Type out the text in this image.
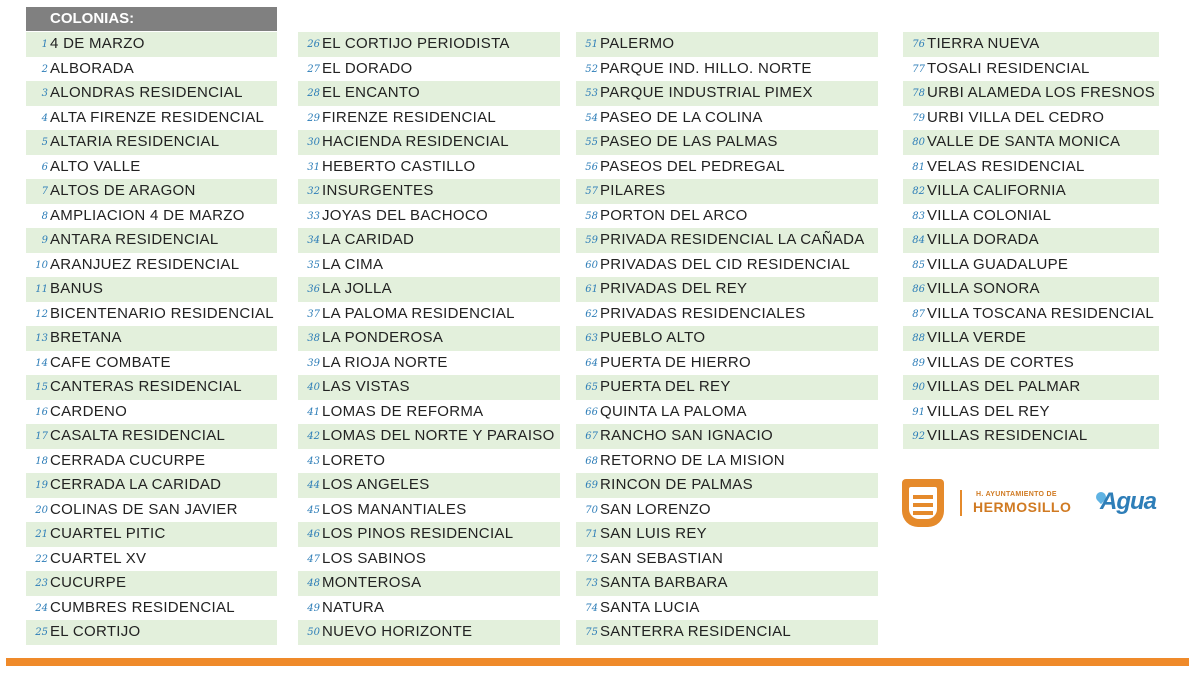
COLONIAS:
1 4 DE MARZO
2 ALBORADA
3 ALONDRAS RESIDENCIAL
4 ALTA FIRENZE RESIDENCIAL
5 ALTARIA RESIDENCIAL
6 ALTO VALLE
7 ALTOS DE ARAGON
8 AMPLIACION 4 DE MARZO
9 ANTARA RESIDENCIAL
10 ARANJUEZ RESIDENCIAL
11 BANUS
12 BICENTENARIO RESIDENCIAL
13 BRETANA
14 CAFE COMBATE
15 CANTERAS RESIDENCIAL
16 CARDENO
17 CASALTA RESIDENCIAL
18 CERRADA CUCURPE
19 CERRADA LA CARIDAD
20 COLINAS DE SAN JAVIER
21 CUARTEL PITIC
22 CUARTEL XV
23 CUCURPE
24 CUMBRES RESIDENCIAL
25 EL CORTIJO
26 EL CORTIJO PERIODISTA
27 EL DORADO
28 EL ENCANTO
29 FIRENZE RESIDENCIAL
30 HACIENDA RESIDENCIAL
31 HEBERTO CASTILLO
32 INSURGENTES
33 JOYAS DEL BACHOCO
34 LA CARIDAD
35 LA CIMA
36 LA JOLLA
37 LA PALOMA RESIDENCIAL
38 LA PONDEROSA
39 LA RIOJA NORTE
40 LAS VISTAS
41 LOMAS DE REFORMA
42 LOMAS DEL NORTE Y PARAISO
43 LORETO
44 LOS ANGELES
45 LOS MANANTIALES
46 LOS PINOS RESIDENCIAL
47 LOS SABINOS
48 MONTEROSA
49 NATURA
50 NUEVO HORIZONTE
51 PALERMO
52 PARQUE IND. HILLO. NORTE
53 PARQUE INDUSTRIAL PIMEX
54 PASEO DE LA COLINA
55 PASEO DE LAS PALMAS
56 PASEOS DEL PEDREGAL
57 PILARES
58 PORTON DEL ARCO
59 PRIVADA RESIDENCIAL LA CAÑADA
60 PRIVADAS DEL CID RESIDENCIAL
61 PRIVADAS DEL REY
62 PRIVADAS RESIDENCIALES
63 PUEBLO ALTO
64 PUERTA DE HIERRO
65 PUERTA DEL REY
66 QUINTA LA PALOMA
67 RANCHO SAN IGNACIO
68 RETORNO DE LA MISION
69 RINCON DE PALMAS
70 SAN LORENZO
71 SAN LUIS REY
72 SAN SEBASTIAN
73 SANTA BARBARA
74 SANTA LUCIA
75 SANTERRA RESIDENCIAL
76 TIERRA NUEVA
77 TOSALI RESIDENCIAL
78 URBI ALAMEDA LOS FRESNOS
79 URBI VILLA DEL CEDRO
80 VALLE DE SANTA MONICA
81 VELAS RESIDENCIAL
82 VILLA CALIFORNIA
83 VILLA COLONIAL
84 VILLA DORADA
85 VILLA GUADALUPE
86 VILLA SONORA
87 VILLA TOSCANA RESIDENCIAL
88 VILLA VERDE
89 VILLAS DE CORTES
90 VILLAS DEL PALMAR
91 VILLAS DEL REY
92 VILLAS RESIDENCIAL
H. AYUNTAMIENTO DE
HERMOSILLO Agua
